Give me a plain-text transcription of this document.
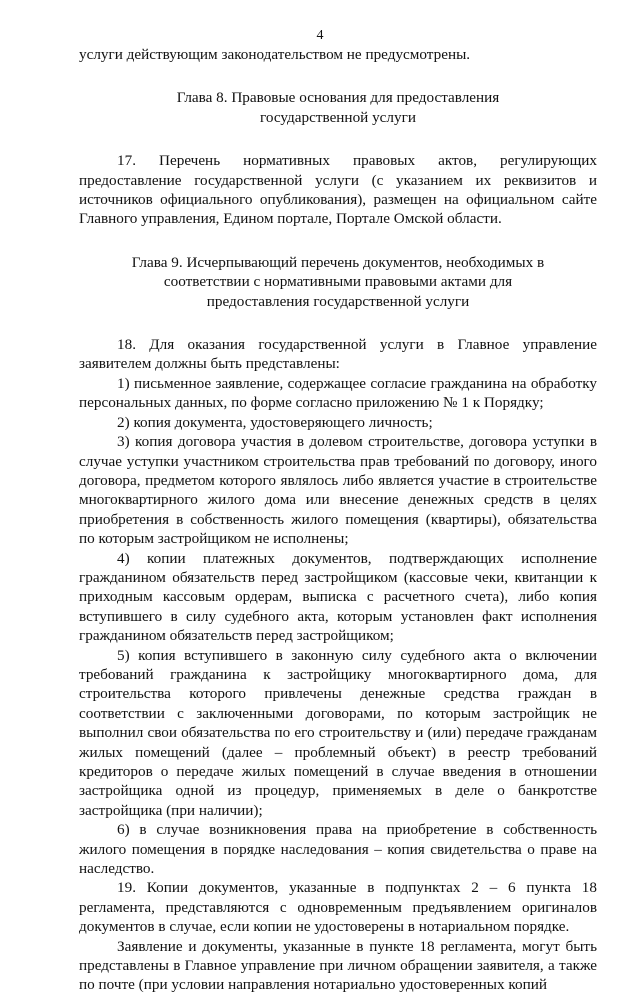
4

услуги действующим законодательством не предусмотрены.

Глава 8. Правовые основания для предоставления
государственной услуги

17. Перечень нормативных правовых актов, регулирующих предоставление государственной услуги (с указанием их реквизитов и источников официального опубликования), размещен на официальном сайте Главного управления, Едином портале, Портале Омской области.

Глава 9. Исчерпывающий перечень документов, необходимых в
соответствии с нормативными правовыми актами для
предоставления государственной услуги

18. Для оказания государственной услуги в Главное управление заявителем должны быть представлены:

1) письменное заявление, содержащее согласие гражданина на обработку персональных данных, по форме согласно приложению № 1 к Порядку;

2) копия документа, удостоверяющего личность;

3) копия договора участия в долевом строительстве, договора уступки в случае уступки участником строительства прав требований по договору, иного договора, предметом которого являлось либо является участие в строительстве многоквартирного жилого дома или внесение денежных средств в целях приобретения в собственность жилого помещения (квартиры), обязательства по которым застройщиком не исполнены;

4) копии платежных документов, подтверждающих исполнение гражданином обязательств перед застройщиком (кассовые чеки, квитанции к приходным кассовым ордерам, выписка с расчетного счета), либо копия вступившего в силу судебного акта, которым установлен факт исполнения гражданином обязательств перед застройщиком;

5) копия вступившего в законную силу судебного акта о включении требований гражданина к застройщику многоквартирного дома, для строительства которого привлечены денежные средства граждан в соответствии с заключенными договорами, по которым застройщик не выполнил свои обязательства по его строительству и (или) передаче гражданам жилых помещений (далее – проблемный объект) в реестр требований кредиторов о передаче жилых помещений в случае введения в отношении застройщика одной из процедур, применяемых в деле о банкротстве застройщика (при наличии);

6) в случае возникновения права на приобретение в собственность жилого помещения в порядке наследования – копия свидетельства о праве на наследство.

19. Копии документов, указанные в подпунктах 2 – 6 пункта 18 регламента, представляются с одновременным предъявлением оригиналов документов в случае, если копии не удостоверены в нотариальном порядке.

Заявление и документы, указанные в пункте 18 регламента, могут быть представлены в Главное управление при личном обращении заявителя, а также по почте (при условии направления нотариально удостоверенных копий
